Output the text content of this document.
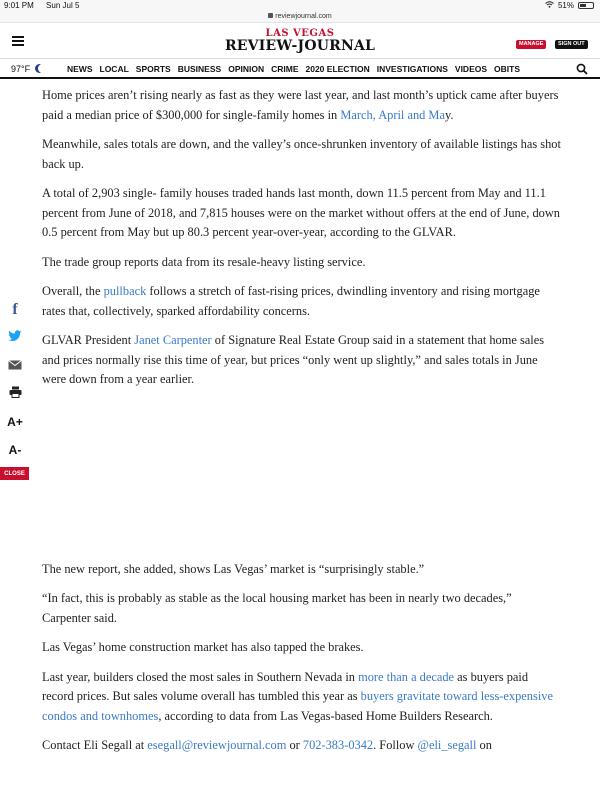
9:01 PM Sun Jul 5	51%
reviewjournal.com
LAS VEGAS
REVIEW-JOURNAL	MANAGE	SIGN OUT
97°F	NEWS LOCAL SPORTS BUSINESS OPINION CRIME 2020 ELECTION INVESTIGATIONS VIDEOS OBITS
f
A+
A-
CLOSE

Home prices aren’t rising nearly as fast as they were last year, and last month’s uptick came after buyers paid a median price of $300,000 for single-family homes in March, April and May.

Meanwhile, sales totals are down, and the valley’s once-shrunken inventory of available listings has shot back up.

A total of 2,903 single- family houses traded hands last month, down 11.5 percent from May and 11.1 percent from June of 2018, and 7,815 houses were on the market without offers at the end of June, down 0.5 percent from May but up 80.3 percent year-over-year, according to the GLVAR.

The trade group reports data from its resale-heavy listing service.

Overall, the pullback follows a stretch of fast-rising prices, dwindling inventory and rising mortgage rates that, collectively, sparked affordability concerns.

GLVAR President Janet Carpenter of Signature Real Estate Group said in a statement that home sales and prices normally rise this time of year, but prices “only went up slightly,” and sales totals in June were down from a year earlier.

The new report, she added, shows Las Vegas’ market is “surprisingly stable.”

“In fact, this is probably as stable as the local housing market has been in nearly two decades,” Carpenter said.

Las Vegas’ home construction market has also tapped the brakes.

Last year, builders closed the most sales in Southern Nevada in more than a decade as buyers paid record prices. But sales volume overall has tumbled this year as buyers gravitate toward less-expensive condos and townhomes, according to data from Las Vegas-based Home Builders Research.

Contact Eli Segall at esegall@reviewjournal.com or 702-383-0342. Follow @eli_segall on
